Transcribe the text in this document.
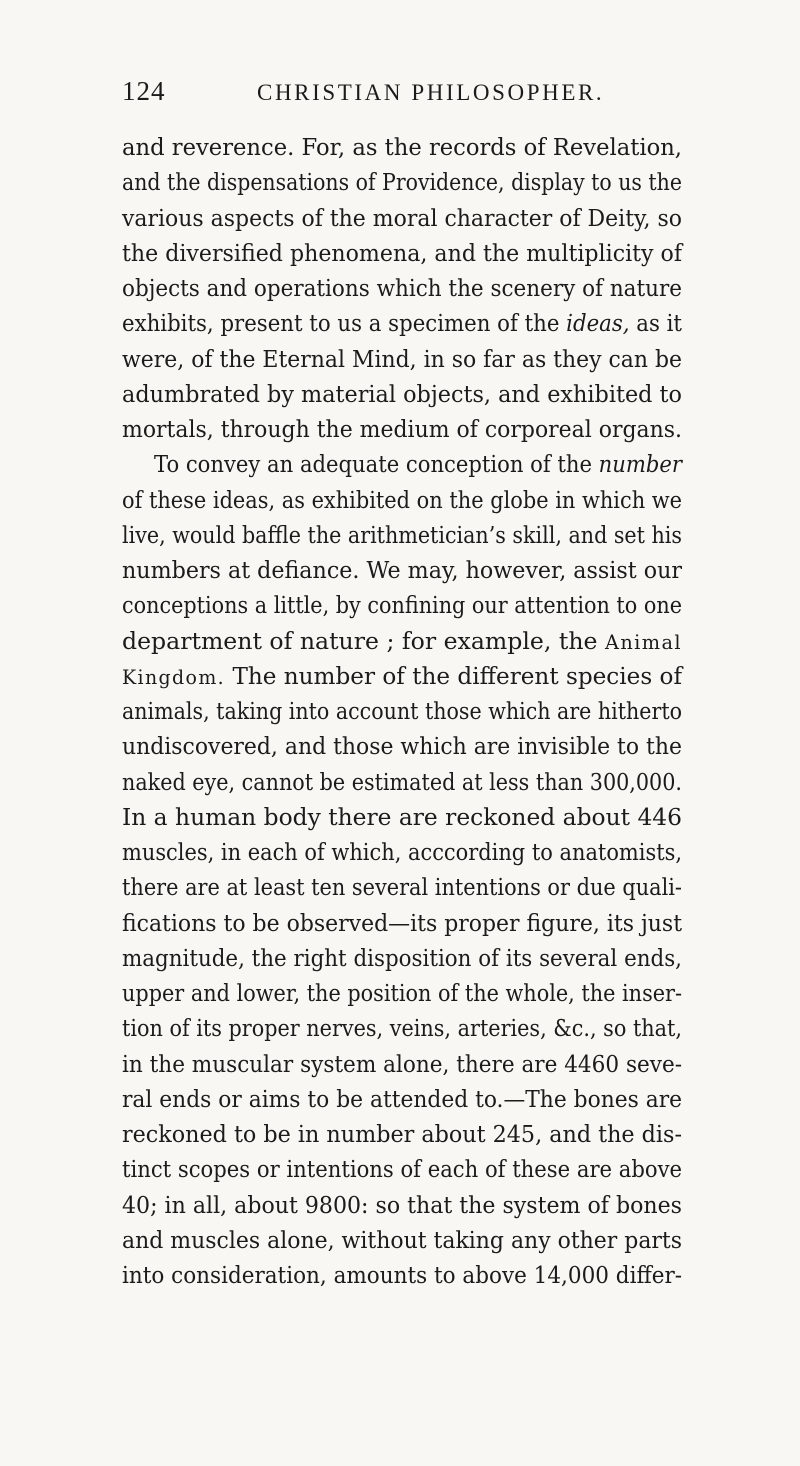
124	CHRISTIAN PHILOSOPHER.
and reverence. For, as the records of Revelation,
and the dispensations of Providence, display to us the
various aspects of the moral character of Deity, so
the diversified phenomena, and the multiplicity of
objects and operations which the scenery of nature
exhibits, present to us a specimen of the ideas, as it
were, of the Eternal Mind, in so far as they can be
adumbrated by material objects, and exhibited to
mortals, through the medium of corporeal organs.
To convey an adequate conception of the number
of these ideas, as exhibited on the globe in which we
live, would baffle the arithmetician’s skill, and set his
numbers at defiance. We may, however, assist our
conceptions a little, by confining our attention to one
department of nature ; for example, the Animal
Kingdom. The number of the different species of
animals, taking into account those which are hitherto
undiscovered, and those which are invisible to the
naked eye, cannot be estimated at less than 300,000.
In a human body there are reckoned about 446
muscles, in each of which, acccording to anatomists,
there are at least ten several intentions or due quali-
fications to be observed—its proper figure, its just
magnitude, the right disposition of its several ends,
upper and lower, the position of the whole, the inser-
tion of its proper nerves, veins, arteries, &c., so that,
in the muscular system alone, there are 4460 seve-
ral ends or aims to be attended to.—The bones are
reckoned to be in number about 245, and the dis-
tinct scopes or intentions of each of these are above
40; in all, about 9800: so that the system of bones
and muscles alone, without taking any other parts
into consideration, amounts to above 14,000 differ-
